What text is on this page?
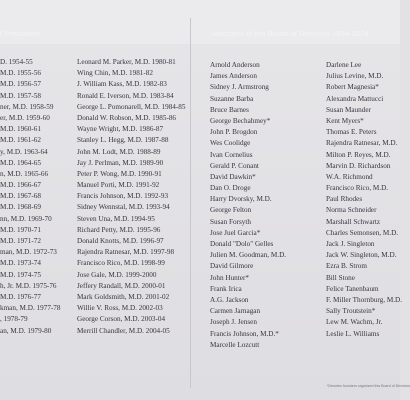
f Presidents	Members of the Board of Directors 1954-2004
D. 1954-55
M.D. 1955-56
M.D. 1956-57
M.D. 1957-58
ner, M.D. 1958-59
er, M.D. 1959-60
M.D. 1960-61
M.D. 1961-62
y, M.D. 1963-64
M.D. 1964-65
n, M.D. 1965-66
M.D. 1966-67
M.D. 1967-68
M.D. 1968-69
nn, M.D. 1969-70
M.D. 1970-71
M.D. 1971-72
man, M.D. 1972-73
M.D. 1973-74
M.D. 1974-75
h, Jr. M.D. 1975-76
M.D. 1976-77
kman, M.D. 1977-78
, 1978-79
an, M.D. 1979-80
Leonard M. Parker, M.D. 1980-81
Wing Chin, M.D. 1981-82
J. William Kass, M.D. 1982-83
Ronald E. Iverson, M.D. 1983-84
George L. Pomonarell, M.D. 1984-85
Donald W. Robson, M.D. 1985-86
Wayne Wright, M.D. 1986-87
Stanley L. Hegg, M.D. 1987-88
John M. Lodt, M.D. 1988-89
Jay J. Perlman, M.D. 1989-90
Peter P. Wong, M.D. 1990-91
Manuel Porti, M.D. 1991-92
Francis Johnson, M.D. 1992-93
Sidney Wennstal, M.D. 1993-94
Steven Una, M.D. 1994-95
Richard Petty, M.D. 1995-96
Donald Knotts, M.D. 1996-97
Rajendra Ratnesar, M.D. 1997-98
Francisco Rico, M.D. 1998-99
Jose Gale, M.D. 1999-2000
Jeffery Randall, M.D. 2000-01
Mark Goldsmith, M.D. 2001-02
Willie V. Ross, M.D. 2002-03
George Corson, M.D. 2003-04
Merrill Chandler, M.D. 2004-05
Arnold Anderson
James Anderson
Sidney J. Armstrong
Suzanne Barba
Bruce Barnes
George Bechahmey*
John P. Brogdon
Wes Coolidge
Ivan Cornelius
Gerald P. Conant
David Dawkin*
Dan O. Droge
Harry Dvorsky, M.D.
George Felton
Susan Forsyth
Jose Juel Garcia*
Donald "Dolo" Gelles
Julien M. Goodman, M.D.
David Gilmore
John Hunter*
Frank Irica
A.G. Jackson
Carmen Jarnagan
Joseph J. Jensen
Francis Johnson, M.D.*
Marcelle Lozcutt
Darlene Lee
Julius Levine, M.D.
Robert Magnesia*
Alexandra Mattucci
Susan Maunder
Kent Myers*
Thomas E. Peters
Rajendra Ratnesar, M.D.
Milton P. Reyes, M.D.
Marvin D. Richardson
W.A. Richmond
Francisco Rico, M.D.
Paul Rhodes
Norma Schneider
Marshall Schwartz
Charles Semonsen, M.D.
Jack J. Singleton
Jack W. Singleton, M.D.
Ezra B. Strom
Bill Stone
Felice Tanenbaum
F. Miller Thornburg, M.D.
Sally Troutstein*
Lew M. Wachm, Jr.
Leslie L. Williams
*Denotes founders organized this Board of Directors
